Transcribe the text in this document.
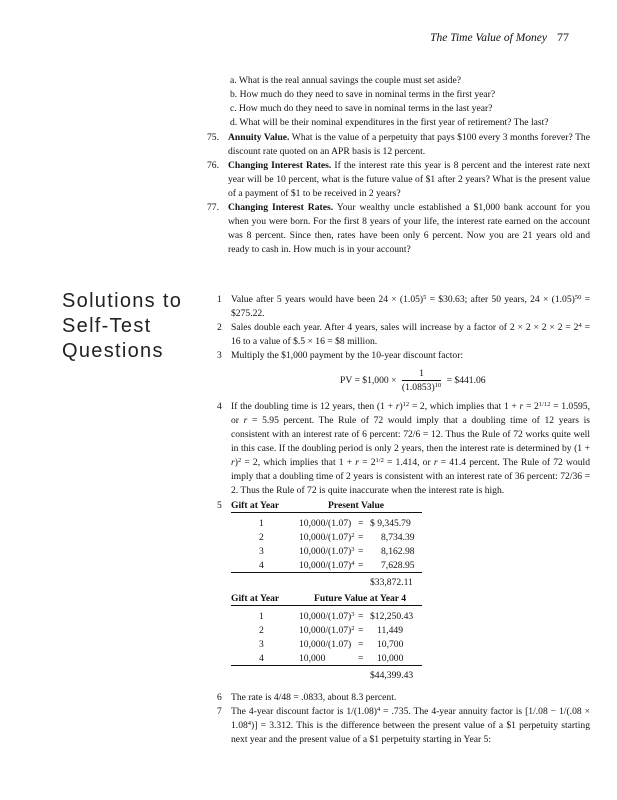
The Time Value of Money 77
a. What is the real annual savings the couple must set aside?
b. How much do they need to save in nominal terms in the first year?
c. How much do they need to save in nominal terms in the last year?
d. What will be their nominal expenditures in the first year of retirement? The last?
75. Annuity Value. What is the value of a perpetuity that pays $100 every 3 months forever? The discount rate quoted on an APR basis is 12 percent.
76. Changing Interest Rates. If the interest rate this year is 8 percent and the interest rate next year will be 10 percent, what is the future value of $1 after 2 years? What is the present value of a payment of $1 to be received in 2 years?
77. Changing Interest Rates. Your wealthy uncle established a $1,000 bank account for you when you were born. For the first 8 years of your life, the interest rate earned on the account was 8 percent. Since then, rates have been only 6 percent. Now you are 21 years old and ready to cash in. How much is in your account?
Solutions to
Self-Test
Questions
1 Value after 5 years would have been $24 \times (1.05)^5$ = $30.63; after 50 years, $24 \times (1.05)^{50}$ = $275.22.
2 Sales double each year. After 4 years, sales will increase by a factor of $2 \times 2 \times 2 \times 2 = 2^4 = 16$ to a value of $.5 × 16 = $8 million.
3 Multiply the $1,000 payment by the 10-year discount factor:
PV = $1,000 × $\frac{1}{(1.0853)^{10}}$ = $441.06
4 If the doubling time is 12 years, then $(1 + r)^{12} = 2$, which implies that $1 + r = 2^{1/12} = 1.0595$, or r = 5.95 percent. The Rule of 72 would imply that a doubling time of 12 years is consistent with an interest rate of 6 percent: 72/6 = 12. Thus the Rule of 72 works quite well in this case. If the doubling period is only 2 years, then the interest rate is determined by $(1 + r)^2 = 2$, which implies that $1 + r = 2^{1/2} = 1.414$, or r = 41.4 percent. The Rule of 72 would imply that a doubling time of 2 years is consistent with an interest rate of 36 percent: 72/36 = 2. Thus the Rule of 72 is quite inaccurate when the interest rate is high.
5 Gift at Year	Present Value
1	10,000/(1.07) = $ 9,345.79
2	$10,000/(1.07)^2 = 8,734.39$
3	$10,000/(1.07)^3 = 8,162.98$
4	$10,000/(1.07)^4 = 7,628.95$
$33,872.11
Gift at Year	Future Value at Year 4
1	$10,000/(1.07)^3$ = $12,250.43
2	$10,000/(1.07)^2 = 11,449$
3	10,000/(1.07) = 10,700
4	10,000	= 10,000
$44,399.43
6 The rate is 4/48 = .0833, about 8.3 percent.
7 The 4-year discount factor is $1/(1.08)^4 = .735$. The 4-year annuity factor is $[1/.08 - 1/(.08 \times 1.08^4)] = 3.312$. This is the difference between the present value of a $1 perpetuity starting next year and the present value of a $1 perpetuity starting in Year 5:
